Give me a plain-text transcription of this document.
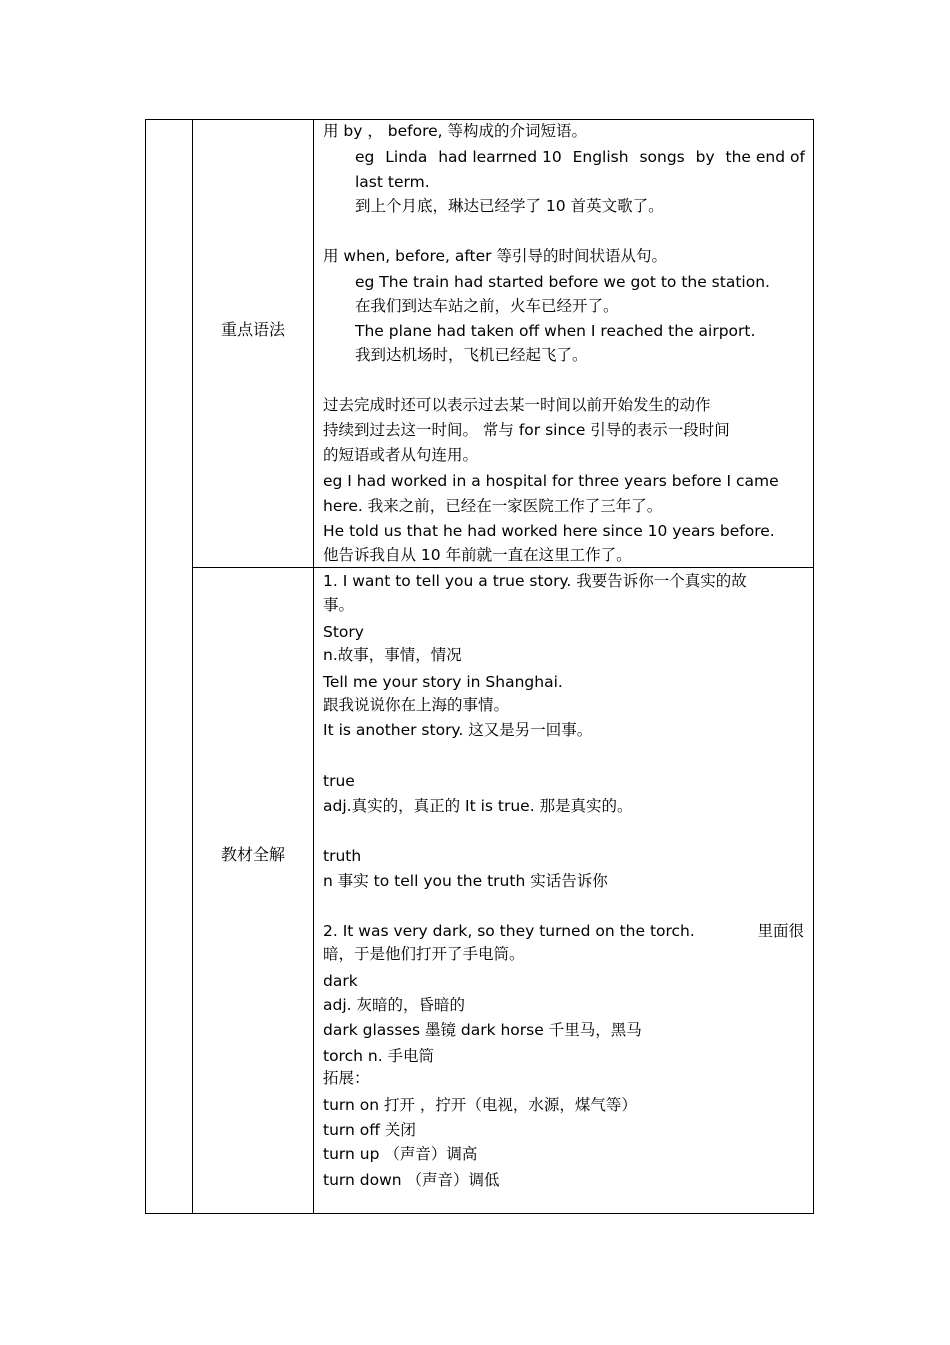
重点语法
教材全解
用 by ， before, 等构成的介词短语。
eg Linda had learrned 10 English songs by the end of
last term.
到上个月底，琳达已经学了 10 首英文歌了。
用 when, before, after 等引导的时间状语从句。
eg The train had started before we got to the station.
在我们到达车站之前，火车已经开了。
The plane had taken off when I reached the airport.
我到达机场时，飞机已经起飞了。
过去完成时还可以表示过去某一时间以前开始发生的动作
持续到过去这一时间。 常与 for since 引导的表示一段时间
的短语或者从句连用。
eg I had worked in a hospital for three years before I came
here. 我来之前，已经在一家医院工作了三年了。
He told us that he had worked here since 10 years before.
他告诉我自从 10 年前就一直在这里工作了。
1. I want to tell you a true story. 我要告诉你一个真实的故
事。
Story
n.故事，事情，情况
Tell me your story in Shanghai.
跟我说说你在上海的事情。
It is another story. 这又是另一回事。
true
adj.真实的，真正的 It is true. 那是真实的。
truth
n 事实 to tell you the truth 实话告诉你
2. It was very dark, so they turned on the torch.	里面很
暗，于是他们打开了手电筒。
dark
adj. 灰暗的，昏暗的
dark glasses 墨镜 dark horse 千里马，黑马
torch n. 手电筒
拓展：
turn on 打开 ，拧开（电视，水源，煤气等）
turn off 关闭
turn up （声音）调高
turn down （声音）调低
